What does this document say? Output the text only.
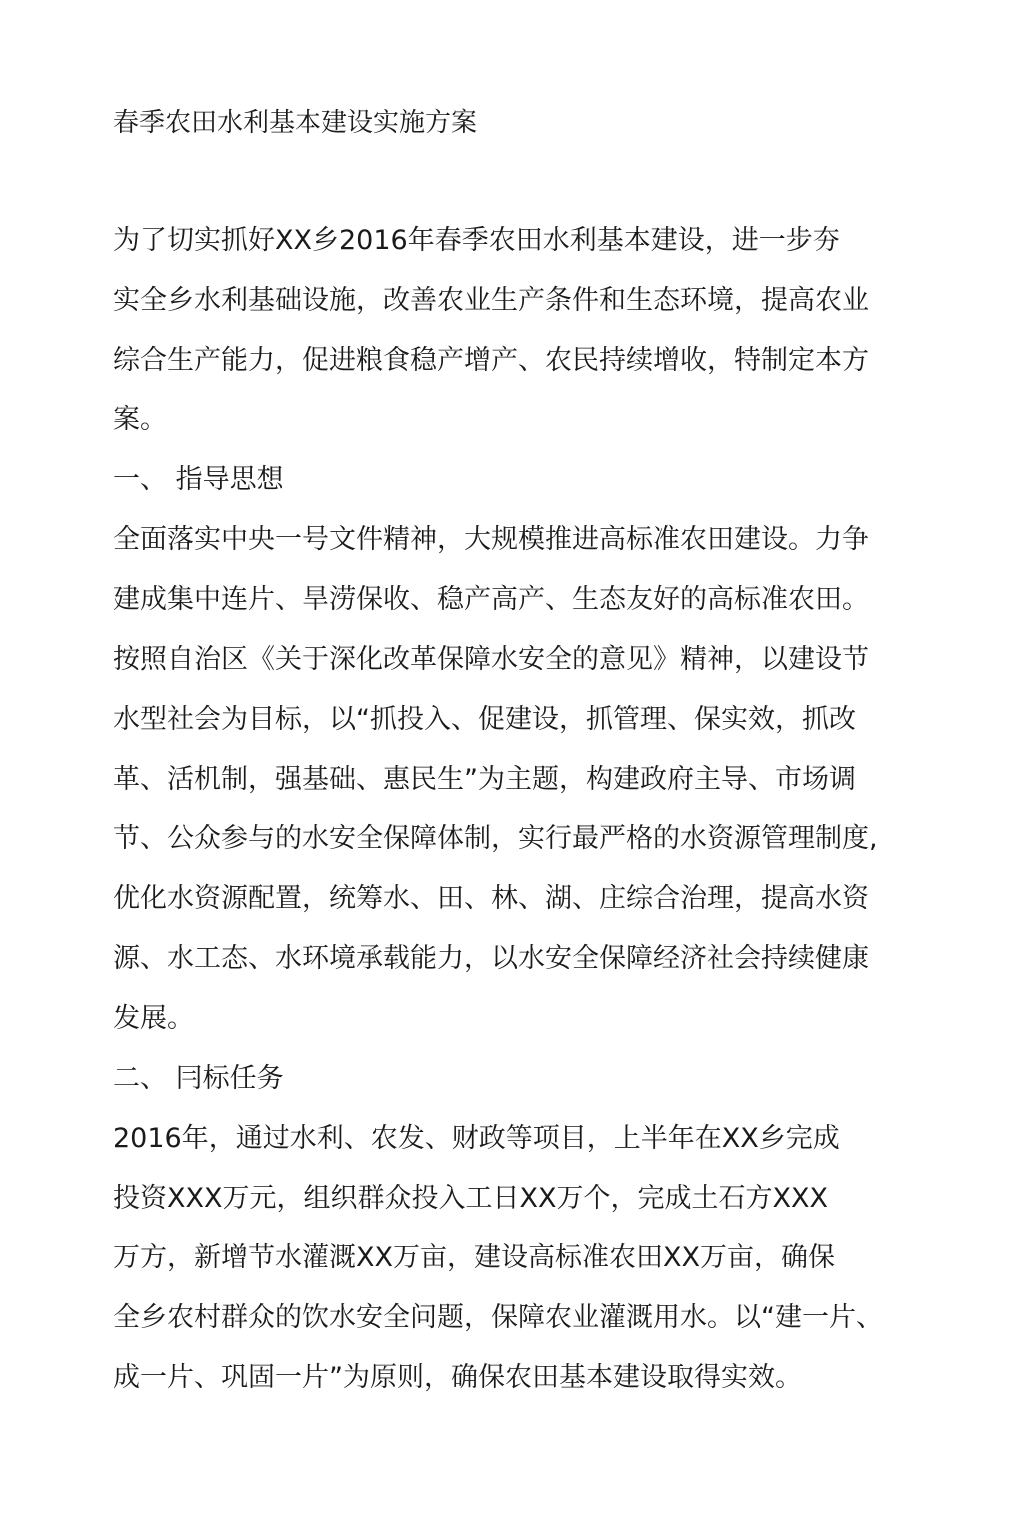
春季农田水利基本建设实施方案
为了切实抓好XX乡2016年春季农田水利基本建设，进一步夯
实全乡水利基础设施，改善农业生产条件和生态环境，提高农业
综合生产能力，促进粮食稳产增产、农民持续增收，特制定本方
案。
一、 指导思想
全面落实中央一号文件精神，大规模推进高标准农田建设。力争
建成集中连片、旱涝保收、稳产高产、生态友好的高标准农田。
按照自治区《关于深化改革保障水安全的意见》精神，以建设节
水型社会为目标，以“抓投入、促建设，抓管理、保实效，抓改
革、活机制，强基础、惠民生”为主题，构建政府主导、市场调
节、公众参与的水安全保障体制，实行最严格的水资源管理制度,
优化水资源配置，统筹水、田、林、湖、庄综合治理，提高水资
源、水工态、水环境承载能力，以水安全保障经济社会持续健康
发展。
二、 冃标任务
2016年，通过水利、农发、财政等项目，上半年在XX乡完成
投资XXX万元，组织群众投入工日XX万个，完成土石方XXX
万方，新增节水灌溉XX万亩，建设高标准农田XX万亩，确保
全乡农村群众的饮水安全问题，保障农业灌溉用水。以“建一片、
成一片、巩固一片”为原则，确保农田基本建设取得实效。
